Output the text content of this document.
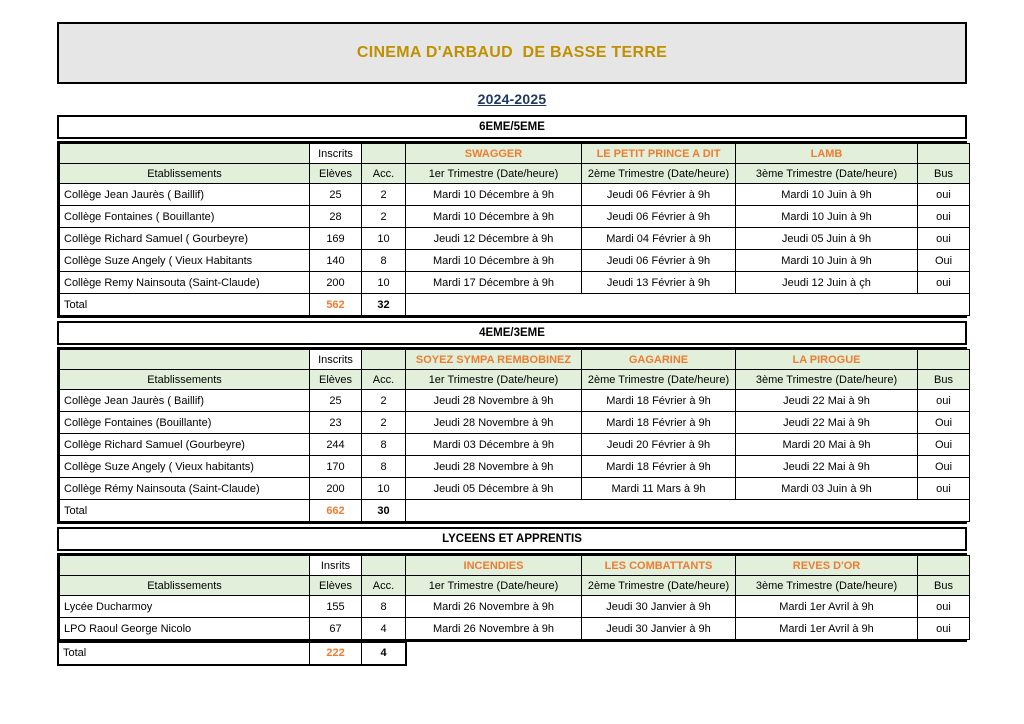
CINEMA D'ARBAUD  DE BASSE TERRE
2024-2025
6EME/5EME
	Inscrits		SWAGGER	LE PETIT PRINCE A DIT	LAMB	
Etablissements	Elèves	Acc.	1er Trimestre (Date/heure)	2ème Trimestre (Date/heure)	3ème Trimestre (Date/heure)	Bus
Collège Jean Jaurès ( Baillif)	25	2	Mardi 10 Décembre à 9h	Jeudi 06 Février à 9h	Mardi 10 Juin à 9h	oui
Collège Fontaines ( Bouillante)	28	2	Mardi 10 Décembre à 9h	Jeudi 06 Février à 9h	Mardi 10 Juin à 9h	oui
Collège Richard Samuel ( Gourbeyre)	169	10	Jeudi 12 Décembre à 9h	Mardi 04 Février à 9h	Jeudi 05 Juin à 9h	oui
Collège Suze Angely ( Vieux Habitants	140	8	Mardi 10 Décembre à 9h	Jeudi 06 Février à 9h	Mardi 10 Juin à 9h	Oui
Collège Remy Nainsouta (Saint-Claude)	200	10	Mardi 17 Décembre à 9h	Jeudi 13 Février à 9h	Jeudi 12 Juin à çh	oui
Total	562	32				
4EME/3EME
	Inscrits		SOYEZ SYMPA REMBOBINEZ	GAGARINE	LA PIROGUE	
Etablissements	Elèves	Acc.	1er Trimestre (Date/heure)	2ème Trimestre (Date/heure)	3ème Trimestre (Date/heure)	Bus
Collège Jean Jaurès ( Baillif)	25	2	Jeudi 28 Novembre à 9h	Mardi 18 Février à 9h	Jeudi 22 Mai à 9h	oui
Collège Fontaines (Bouillante)	23	2	Jeudi 28 Novembre à 9h	Mardi 18 Février à 9h	Jeudi 22 Mai à 9h	Oui
Collège Richard Samuel (Gourbeyre)	244	8	Mardi 03 Décembre à 9h	Jeudi 20 Février à 9h	Mardi 20 Mai à 9h	Oui
Collège Suze Angely ( Vieux habitants)	170	8	Jeudi 28 Novembre à 9h	Mardi 18 Février à 9h	Jeudi 22 Mai à 9h	Oui
Collège Rémy Nainsouta (Saint-Claude)	200	10	Jeudi 05 Décembre à 9h	Mardi 11 Mars à 9h	Mardi 03 Juin à 9h	oui
Total	662	30				
LYCEENS ET APPRENTIS
	Insrits		INCENDIES	LES COMBATTANTS	REVES D'OR	
Etablissements	Elèves	Acc.	1er Trimestre (Date/heure)	2ème Trimestre (Date/heure)	3ème Trimestre (Date/heure)	Bus
Lycée Ducharmoy	155	8	Mardi 26 Novembre à 9h	Jeudi 30 Janvier à 9h	Mardi 1er Avril à 9h	oui
LPO Raoul George Nicolo	67	4	Mardi 26 Novembre à 9h	Jeudi 30 Janvier à 9h	Mardi 1er Avril à 9h	oui
Total	222	4
